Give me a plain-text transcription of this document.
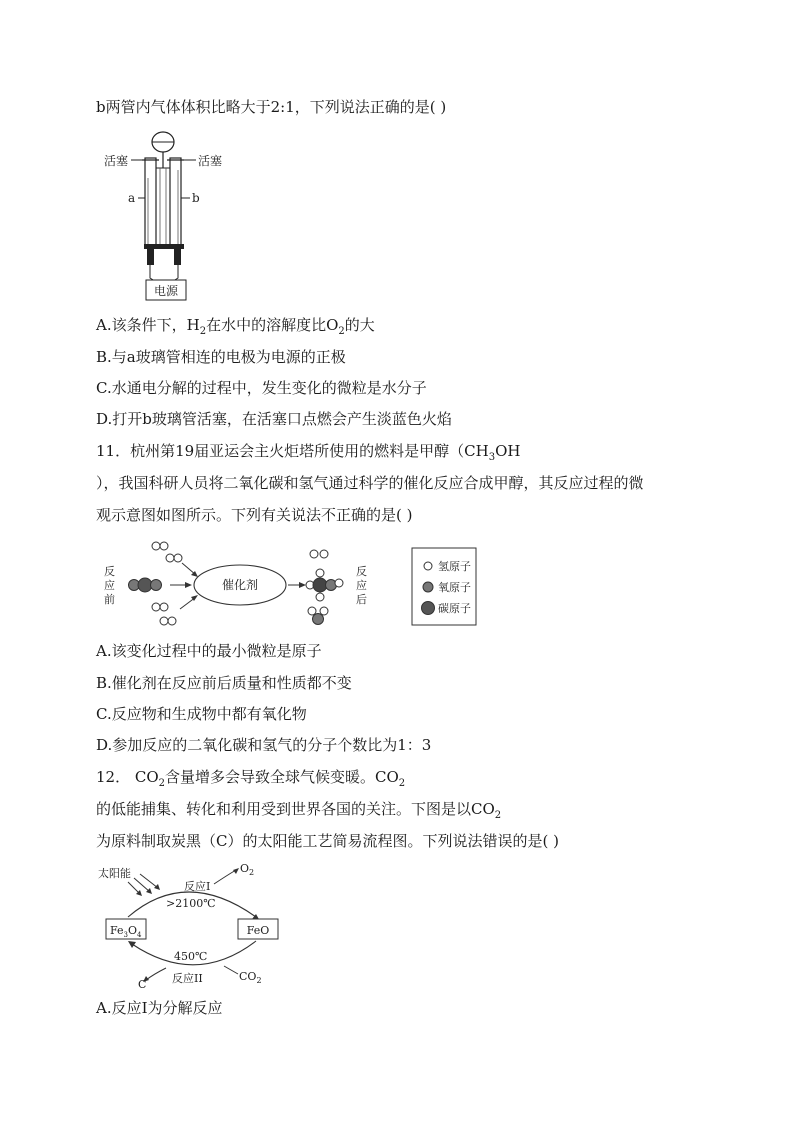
b两管内气体体积比略大于2:1，下列说法正确的是( )
电源
活塞	活塞
a	b
A.该条件下，$H_2$在水中的溶解度比$O_2$的大
B.与a玻璃管相连的电极为电源的正极
C.水通电分解的过程中，发生变化的微粒是水分子
D.打开b玻璃管活塞，在活塞口点燃会产生淡蓝色火焰
11．杭州第19届亚运会主火炬塔所使用的燃料是甲醇（$CH_3OH$
），我国科研人员将二氧化碳和氢气通过科学的催化反应合成甲醇，其反应过程的微
观示意图如图所示。下列有关说法不正确的是( )
反
应
前
催化剂
反
应
后
氢原子
氧原子
碳原子
A.该变化过程中的最小微粒是原子
B.催化剂在反应前后质量和性质都不变
C.反应物和生成物中都有氧化物
D.参加反应的二氧化碳和氢气的分子个数比为1：3
12． $CO_2$含量增多会导致全球气候变暖。$CO_2$
的低能捕集、转化和利用受到世界各国的关注。下图是以$CO_2$
为原料制取炭黑（C）的太阳能工艺简易流程图。下列说法错误的是( )
太阳能
反应I
>2100℃
$O_2$
$Fe_3O_4$	FeO
450℃
反应II
C
$CO_2$
A.反应Ⅰ为分解反应
